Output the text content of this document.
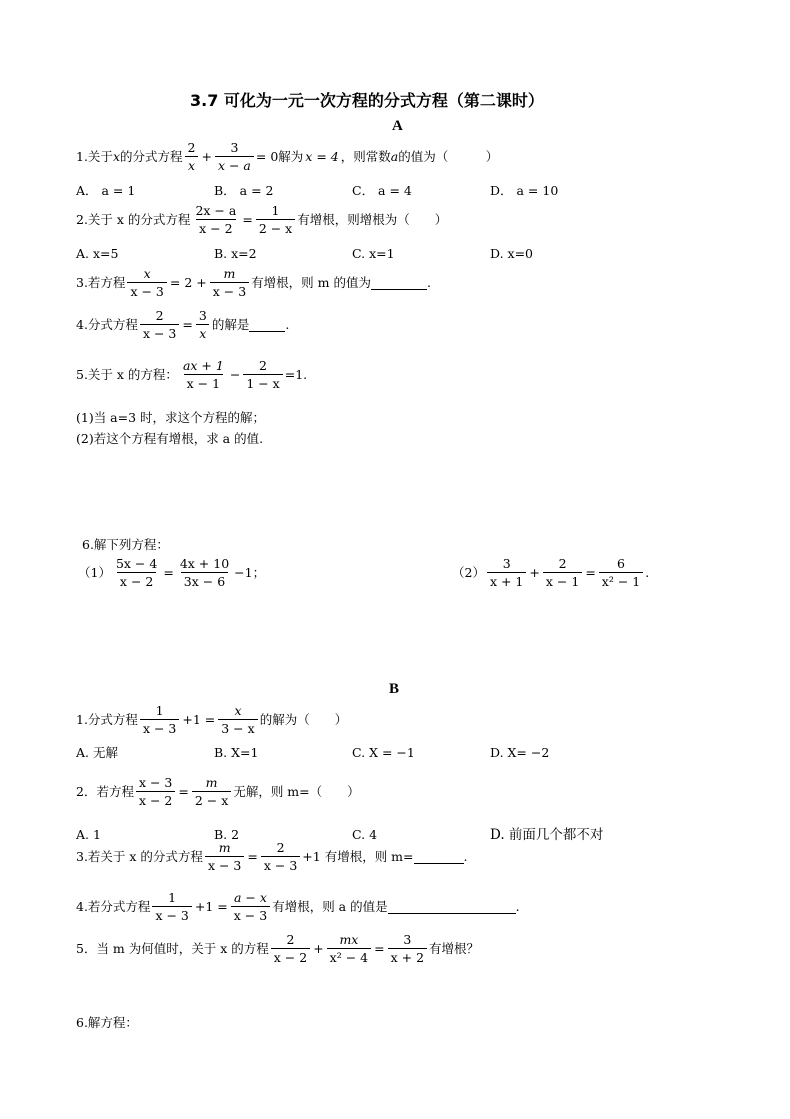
3.7 可化为一元一次方程的分式方程（第二课时）
A
1.关于 x 的分式方程 $\frac{2}{x} + \frac{3}{x - a} = 0$解为 x = 4 ，则常数 a 的值为（　　　）
A． a = 1	B． a = 2	C． a = 4	D． a = 10
2.关于 x 的分式方程 $\frac{2x - a}{x - 2} = \frac{1}{2 - x}$ 有增根，则增根为（　　）
A. x=5	B. x=2	C. x=1	D. x=0
3.若方程 $\frac{x}{x - 3} = 2 + \frac{m}{x - 3}$ 有增根，则 m 的值为	.
4.分式方程 $\frac{2}{x - 3} = \frac{3}{x}$ 的解是	.
5.关于 x 的方程： $\frac{ax + 1}{x - 1} - \frac{2}{1 - x} =1$.
(1)当 a=3 时，求这个方程的解；
(2)若这个方程有增根，求 a 的值.
6.解下列方程：
$(1) \frac{5x - 4}{x - 2} = \frac{4x + 10}{3x - 6} -1$；	$(2) \frac{3}{x + 1} + \frac{2}{x - 1} = \frac{6}{\text{x² − 1}}$ .
B
1.分式方程 $\frac{1}{x - 3} +1 = \frac{x}{3 - x}$ 的解为（　　）
A. 无解	B. X=1	C. X = −1	D. X= −2
2．若方程 $\frac{x - 3}{x - 2} = \frac{m}{2 - x}$ 无解，则 m=（　　）
A. 1	B. 2	C. 4	D. 前面几个都不对
3.若关于 x 的分式方程 $\frac{m}{x - 3} = \frac{2}{x - 3} +1$ 有增根，则 m=	.
4.若分式方程 $\frac{1}{x - 3} +1 = \frac{a - x}{x - 3}$ 有增根，则 a 的值是	.
5．当 m 为何值时，关于 x 的方程 $\frac{2}{x - 2} + \frac{mx}{\text{x² − 4}} = \frac{3}{x + 2}$ 有增根？
6.解方程：
